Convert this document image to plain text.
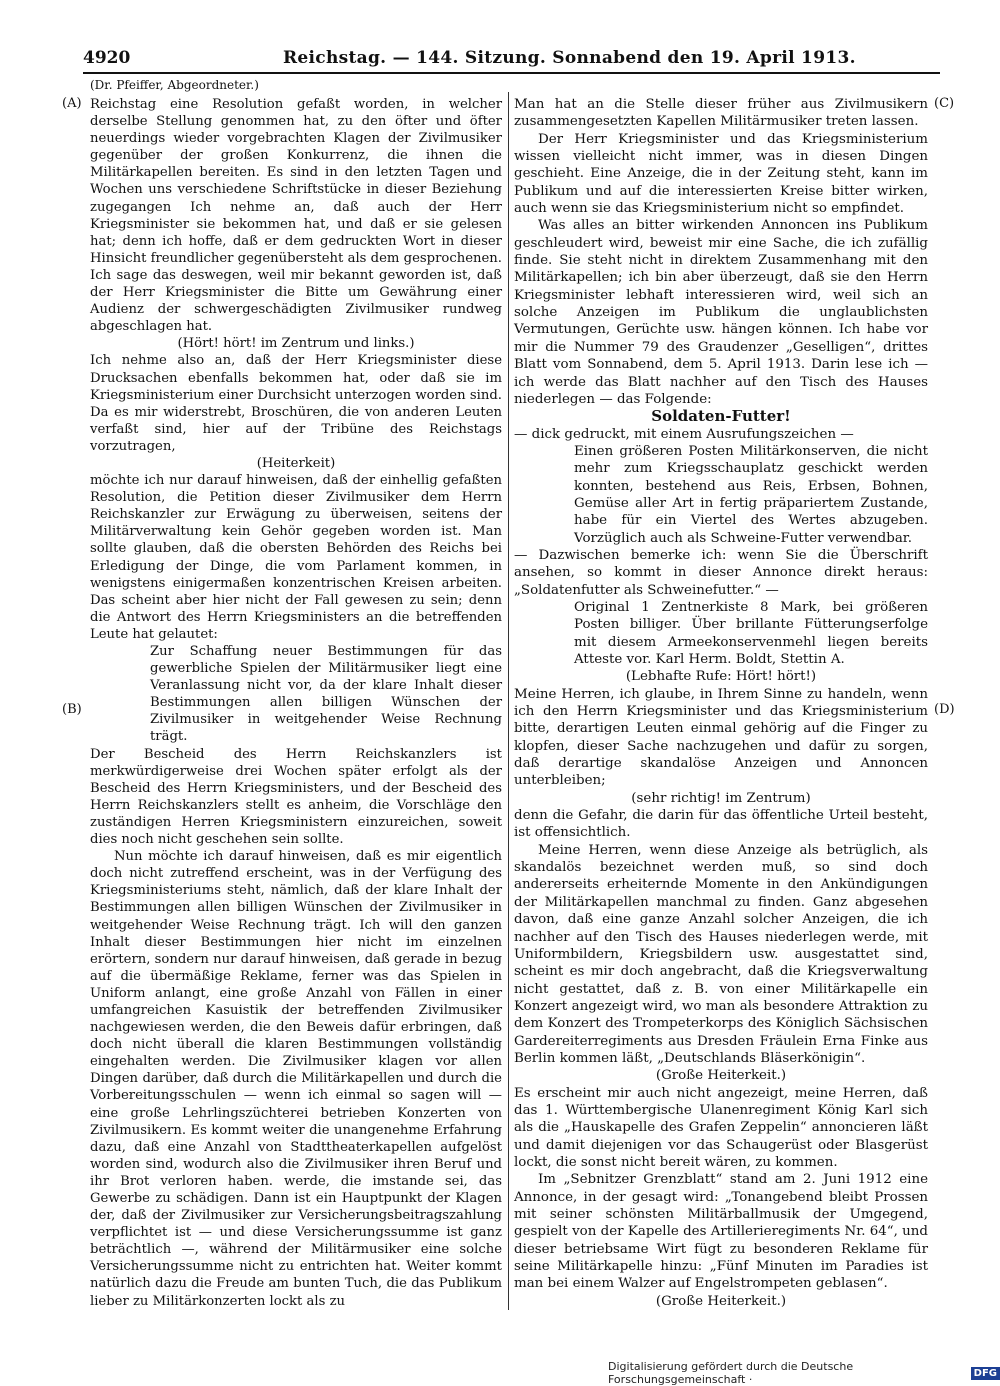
4920	Reichstag. — 144. Sitzung. Sonnabend den 19. April 1913.
(Dr. Pfeiffer, Abgeordneter.)
(A)
(B)
(C)
(D)

Reichstag eine Resolution gefaßt worden, in welcher derselbe Stellung genommen hat, zu den öfter und öfter neuerdings wieder vorgebrachten Klagen der Zivilmusiker gegenüber der großen Konkurrenz, die ihnen die Militärkapellen bereiten. Es sind in den letzten Tagen und Wochen uns verschiedene Schriftstücke in dieser Beziehung zugegangen Ich nehme an, daß auch der Herr Kriegsminister sie bekommen hat, und daß er sie gelesen hat; denn ich hoffe, daß er dem gedruckten Wort in dieser Hinsicht freundlicher gegenübersteht als dem gesprochenen. Ich sage das deswegen, weil mir bekannt geworden ist, daß der Herr Kriegsminister die Bitte um Gewährung einer Audienz der schwergeschädigten Zivilmusiker rundweg abgeschlagen hat.

(Hört! hört! im Zentrum und links.)

Ich nehme also an, daß der Herr Kriegsminister diese Drucksachen ebenfalls bekommen hat, oder daß sie im Kriegsministerium einer Durchsicht unterzogen worden sind. Da es mir widerstrebt, Broschüren, die von anderen Leuten verfaßt sind, hier auf der Tribüne des Reichstags vorzutragen,

(Heiterkeit)

möchte ich nur darauf hinweisen, daß der einhellig gefaßten Resolution, die Petition dieser Zivilmusiker dem Herrn Reichskanzler zur Erwägung zu überweisen, seitens der Militärverwaltung kein Gehör gegeben worden ist. Man sollte glauben, daß die obersten Behörden des Reichs bei Erledigung der Dinge, die vom Parlament kommen, in wenigstens einigermaßen konzentrischen Kreisen arbeiten. Das scheint aber hier nicht der Fall gewesen zu sein; denn die Antwort des Herrn Kriegsministers an die betreffenden Leute hat gelautet:

Zur Schaffung neuer Bestimmungen für das gewerbliche Spielen der Militärmusiker liegt eine Veranlassung nicht vor, da der klare Inhalt dieser Bestimmungen allen billigen Wünschen der Zivilmusiker in weitgehender Weise Rechnung trägt.

Der Bescheid des Herrn Reichskanzlers ist merkwürdigerweise drei Wochen später erfolgt als der Bescheid des Herrn Kriegsministers, und der Bescheid des Herrn Reichskanzlers stellt es anheim, die Vorschläge den zuständigen Herren Kriegsministern einzureichen, soweit dies noch nicht geschehen sein sollte.

Nun möchte ich darauf hinweisen, daß es mir eigentlich doch nicht zutreffend erscheint, was in der Verfügung des Kriegsministeriums steht, nämlich, daß der klare Inhalt der Bestimmungen allen billigen Wünschen der Zivilmusiker in weitgehender Weise Rechnung trägt. Ich will den ganzen Inhalt dieser Bestimmungen hier nicht im einzelnen erörtern, sondern nur darauf hinweisen, daß gerade in bezug auf die übermäßige Reklame, ferner was das Spielen in Uniform anlangt, eine große Anzahl von Fällen in einer umfangreichen Kasuistik der betreffenden Zivilmusiker nachgewiesen werden, die den Beweis dafür erbringen, daß doch nicht überall die klaren Bestimmungen vollständig eingehalten werden. Die Zivilmusiker klagen vor allen Dingen darüber, daß durch die Militärkapellen und durch die Vorbereitungsschulen — wenn ich einmal so sagen will — eine große Lehrlingszüchterei betrieben Konzerten von Zivilmusikern. Es kommt weiter die unangenehme Erfahrung dazu, daß eine Anzahl von Stadttheaterkapellen aufgelöst worden sind, wodurch also die Zivilmusiker ihren Beruf und ihr Brot verloren haben. werde, die imstande sei, das Gewerbe zu schädigen. Dann ist ein Hauptpunkt der Klagen der, daß der Zivilmusiker zur Versicherungsbeitragszahlung verpflichtet ist — und diese Versicherungssumme ist ganz beträchtlich —, während der Militärmusiker eine solche Versicherungssumme nicht zu entrichten hat. Weiter kommt natürlich dazu die Freude am bunten Tuch, die das Publikum lieber zu Militärkonzerten lockt als zu

Man hat an die Stelle dieser früher aus Zivilmusikern zusammengesetzten Kapellen Militärmusiker treten lassen.

Der Herr Kriegsminister und das Kriegsministerium wissen vielleicht nicht immer, was in diesen Dingen geschieht. Eine Anzeige, die in der Zeitung steht, kann im Publikum und auf die interessierten Kreise bitter wirken, auch wenn sie das Kriegsministerium nicht so empfindet.

Was alles an bitter wirkenden Annoncen ins Publikum geschleudert wird, beweist mir eine Sache, die ich zufällig finde. Sie steht nicht in direktem Zusammenhang mit den Militärkapellen; ich bin aber überzeugt, daß sie den Herrn Kriegsminister lebhaft interessieren wird, weil sich an solche Anzeigen im Publikum die unglaublichsten Vermutungen, Gerüchte usw. hängen können. Ich habe vor mir die Nummer 79 des Graudenzer „Geselligen“, drittes Blatt vom Sonnabend, dem 5. April 1913. Darin lese ich — ich werde das Blatt nachher auf den Tisch des Hauses niederlegen — das Folgende:

Soldaten-Futter!

— dick gedruckt, mit einem Ausrufungszeichen —

Einen größeren Posten Militärkonserven, die nicht mehr zum Kriegsschauplatz geschickt werden konnten, bestehend aus Reis, Erbsen, Bohnen, Gemüse aller Art in fertig präpariertem Zustande, habe für ein Viertel des Wertes abzugeben. Vorzüglich auch als Schweine-Futter verwendbar.

— Dazwischen bemerke ich: wenn Sie die Überschrift ansehen, so kommt in dieser Annonce direkt heraus: „Soldatenfutter als Schweinefutter.“ —

Original 1 Zentnerkiste 8 Mark, bei größeren Posten billiger. Über brillante Fütterungserfolge mit diesem Armeekonservenmehl liegen bereits Atteste vor. Karl Herm. Boldt, Stettin A.

(Lebhafte Rufe: Hört! hört!)

Meine Herren, ich glaube, in Ihrem Sinne zu handeln, wenn ich den Herrn Kriegsminister und das Kriegsministerium bitte, derartigen Leuten einmal gehörig auf die Finger zu klopfen, dieser Sache nachzugehen und dafür zu sorgen, daß derartige skandalöse Anzeigen und Annoncen unterbleiben;

(sehr richtig! im Zentrum)

denn die Gefahr, die darin für das öffentliche Urteil besteht, ist offensichtlich.

Meine Herren, wenn diese Anzeige als betrüglich, als skandalös bezeichnet werden muß, so sind doch andererseits erheiternde Momente in den Ankündigungen der Militärkapellen manchmal zu finden. Ganz abgesehen davon, daß eine ganze Anzahl solcher Anzeigen, die ich nachher auf den Tisch des Hauses niederlegen werde, mit Uniformbildern, Kriegsbildern usw. ausgestattet sind, scheint es mir doch angebracht, daß die Kriegsverwaltung nicht gestattet, daß z. B. von einer Militärkapelle ein Konzert angezeigt wird, wo man als besondere Attraktion zu dem Konzert des Trompeterkorps des Königlich Sächsischen Gardereiterregiments aus Dresden Fräulein Erna Finke aus Berlin kommen läßt, „Deutschlands Bläserkönigin“.

(Große Heiterkeit.)

Es erscheint mir auch nicht angezeigt, meine Herren, daß das 1. Württembergische Ulanenregiment König Karl sich als die „Hauskapelle des Grafen Zeppelin“ annoncieren läßt und damit diejenigen vor das Schaugerüst oder Blasgerüst lockt, die sonst nicht bereit wären, zu kommen.

Im „Sebnitzer Grenzblatt“ stand am 2. Juni 1912 eine Annonce, in der gesagt wird: „Tonangebend bleibt Prossen mit seiner schönsten Militärballmusik der Umgegend, gespielt von der Kapelle des Artillerieregiments Nr. 64“, und dieser betriebsame Wirt fügt zu besonderen Reklame für seine Militärkapelle hinzu: „Fünf Minuten im Paradies ist man bei einem Walzer auf Engelstrompeten geblasen“.

(Große Heiterkeit.)

Digitalisierung gefördert durch die Deutsche Forschungsgemeinschaft ·	DFG
